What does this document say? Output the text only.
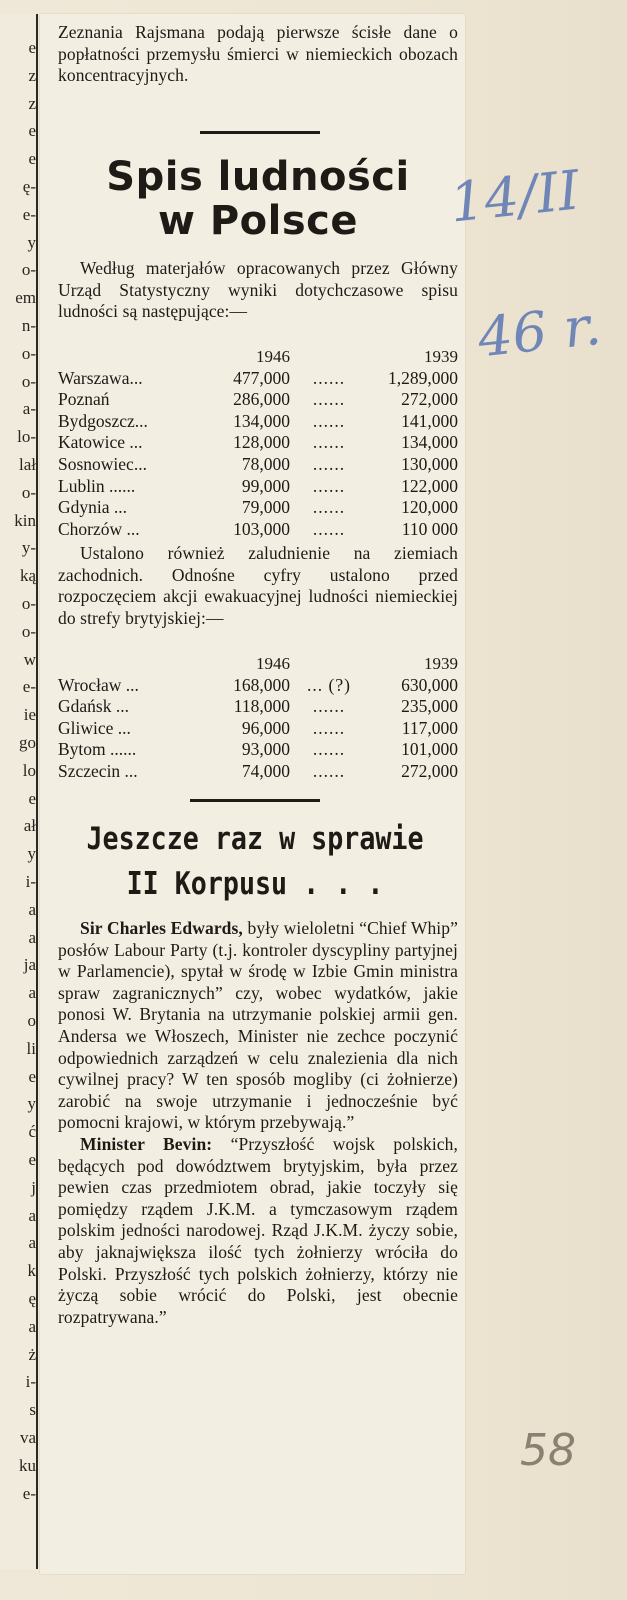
e
z
z
e
e
ę-
e-
y
o-
em
n-
o-
o-
a-
lo-
lał
o-
kin
y-
ką
o-
o-
w
e-
ie
go
lo
e
ał
y
i-
a
a
ja
a
o
li
e
y
ć
e
j
a
a
k
ę
a
ż
i-
s
va
ku
e-

Zeznania Rajsmana podają pierwsze ścisłe dane o popłatności przemysłu śmierci w niemieckich obozach koncentracyjnych.

Spis ludności
w Polsce

Według materjałów opracowanych przez Główny Urząd Statystyczny wyniki dotychczasowe spisu ludności są następujące:—

	1946		1939
Warszawa...	477,000	......	1,289,000
Poznań	286,000	......	272,000
Bydgoszcz...	134,000	......	141,000
Katowice ...	128,000	......	134,000
Sosnowiec...	78,000	......	130,000
Lublin ......	99,000	......	122,000
Gdynia ...	79,000	......	120,000
Chorzów ...	103,000	......	110 000

Ustalono również zaludnienie na ziemiach zachodnich. Odnośne cyfry ustalono przed rozpoczęciem akcji ewakuacyjnej ludności niemieckiej do strefy brytyjskiej:—

	1946		1939
Wrocław ...	168,000	... (?)	630,000
Gdańsk ...	118,000	......	235,000
Gliwice ...	96,000	......	117,000
Bytom ......	93,000	......	101,000
Szczecin ...	74,000	......	272,000
Jeszcze raz w sprawie
II Korpusu . . .

Sir Charles Edwards, były wieloletni “Chief Whip” posłów Labour Party (t.j. kontroler dyscypliny partyjnej w Parlamencie), spytał w środę w Izbie Gmin ministra spraw zagranicznych” czy, wobec wydatków, jakie ponosi W. Brytania na utrzymanie polskiej armii gen. Andersa we Włoszech, Minister nie zechce poczynić odpowiednich zarządzeń w celu znalezienia dla nich cywilnej pracy? W ten sposób mogliby (ci żołnierze) zarobić na swoje utrzymanie i jednocześnie być pomocni krajowi, w którym przebywają.”

Minister Bevin: “Przyszłość wojsk polskich, będących pod dowództwem brytyjskim, była przez pewien czas przedmiotem obrad, jakie toczyły się pomiędzy rządem J.K.M. a tymczasowym rządem polskim jedności narodowej. Rząd J.K.M. życzy sobie, aby jaknajwiększa ilość tych żołnierzy wróciła do Polski. Przyszłość tych polskich żołnierzy, którzy nie życzą sobie wrócić do Polski, jest obecnie rozpatrywana.”

14/II
46 r.
58
